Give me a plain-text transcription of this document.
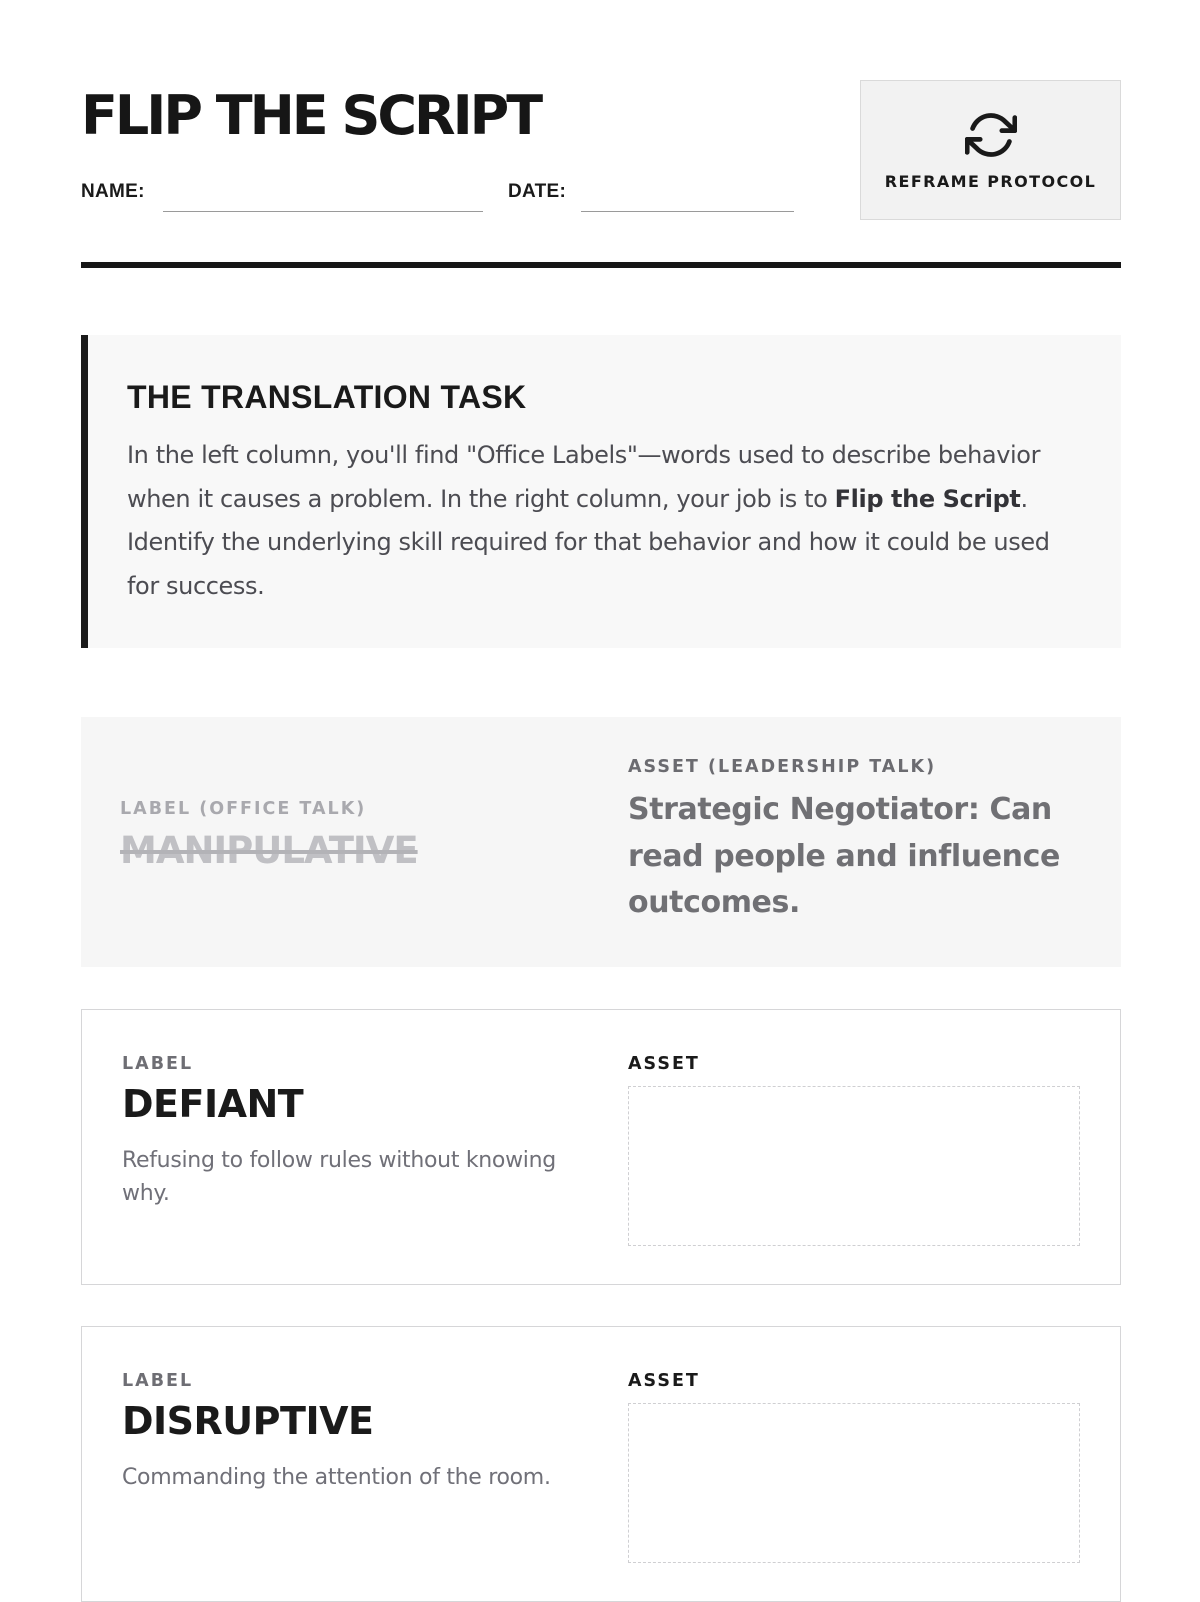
FLIP THE SCRIPT
NAME:	DATE:	REFRAME PROTOCOL
THE TRANSLATION TASK

In the left column, you'll find "Office Labels"—words used to describe behavior when it causes a problem. In the right column, your job is to Flip the Script. Identify the underlying skill required for that behavior and how it could be used for success.

LABEL (OFFICE TALK)
MANIPULATIVE
ASSET (LEADERSHIP TALK)
Strategic Negotiator: Can read people and influence outcomes.
LABEL
DEFIANT
Refusing to follow rules without knowing why.
ASSET
LABEL
DISRUPTIVE
Commanding the attention of the room.
ASSET
